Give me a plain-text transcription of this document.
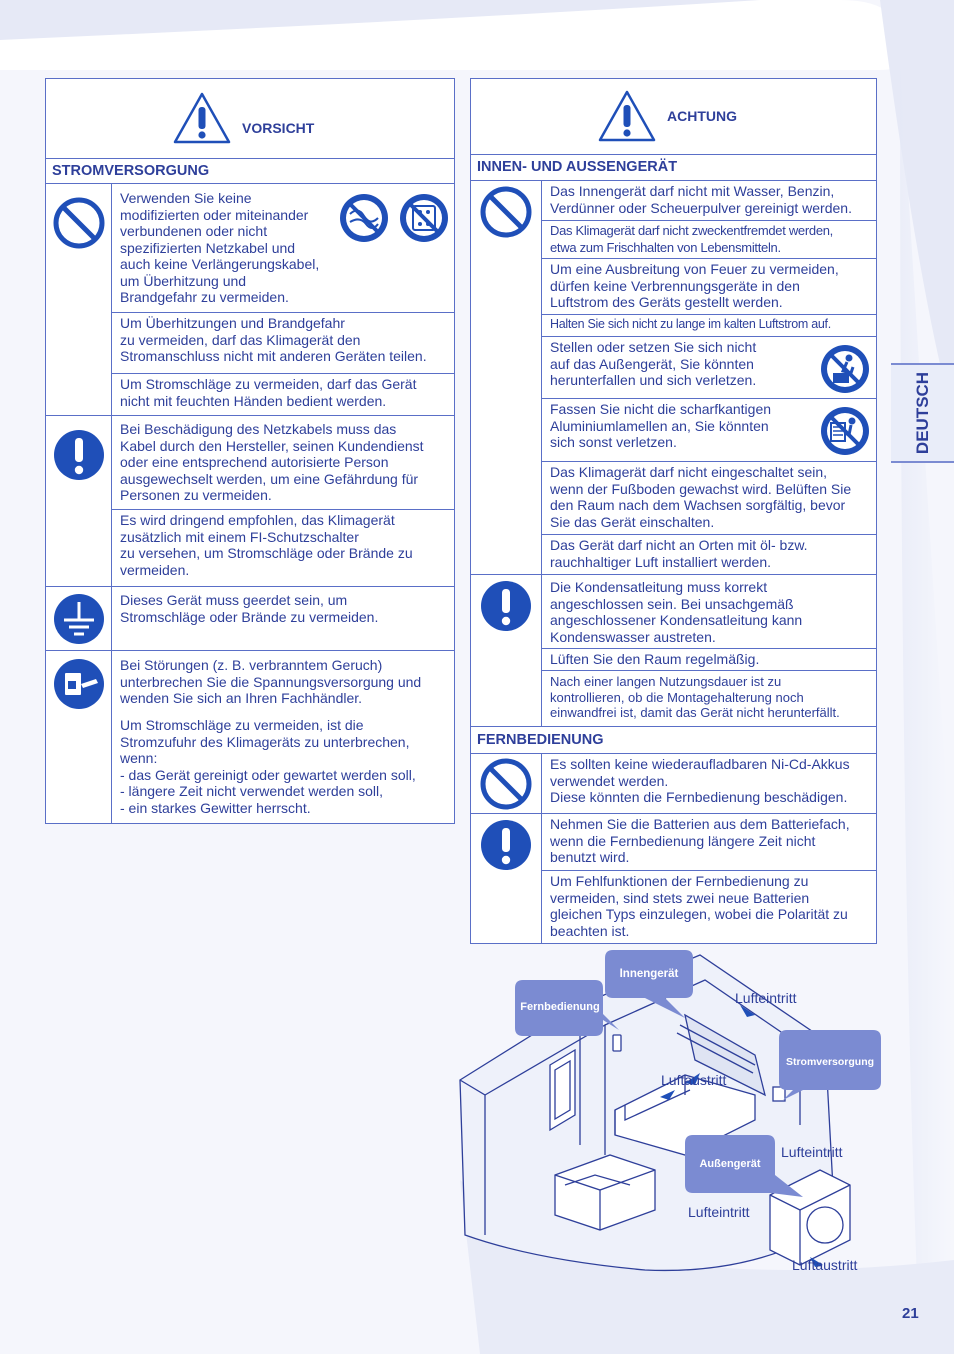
VORSICHT
STROMVERSORGUNG
Verwenden Sie keine
modifizierten oder miteinander
verbundenen oder nicht
spezifizierten Netzkabel und
auch keine Verlängerungskabel,
um Überhitzung und
Brandgefahr zu vermeiden.
Um Überhitzungen und Brandgefahr
zu vermeiden, darf das Klimagerät den
Stromanschluss nicht mit anderen Geräten teilen.
Um Stromschläge zu vermeiden, darf das Gerät
nicht mit feuchten Händen bedient werden.
Bei Beschädigung des Netzkabels muss das
Kabel durch den Hersteller, seinen Kundendienst
oder eine entsprechend autorisierte Person
ausgewechselt werden, um eine Gefährdung für
Personen zu vermeiden.
Es wird dringend empfohlen, das Klimagerät
zusätzlich mit einem FI-Schutzschalter
zu versehen, um Stromschläge oder Brände zu
vermeiden.
Dieses Gerät muss geerdet sein, um
Stromschläge oder Brände zu vermeiden.
Bei Störungen (z. B. verbranntem Geruch)
unterbrechen Sie die Spannungsversorgung und
wenden Sie sich an Ihren Fachhändler.
Um Stromschläge zu vermeiden, ist die
Stromzufuhr des Klimageräts zu unterbrechen,
wenn:
- das Gerät gereinigt oder gewartet werden soll,
- längere Zeit nicht verwendet werden soll,
- ein starkes Gewitter herrscht.
ACHTUNG
INNEN- UND AUSSENGERÄT
Das Innengerät darf nicht mit Wasser, Benzin,
Verdünner oder Scheuerpulver gereinigt werden.
Das Klimagerät darf nicht zweckentfremdet werden,
etwa zum Frischhalten von Lebensmitteln.
Um eine Ausbreitung von Feuer zu vermeiden,
dürfen keine Verbrennungsgeräte in den
Luftstrom des Geräts gestellt werden.
Halten Sie sich nicht zu lange im kalten Luftstrom auf.
Stellen oder setzen Sie sich nicht
auf das Außengerät, Sie könnten
herunterfallen und sich verletzen.
Fassen Sie nicht die scharfkantigen
Aluminiumlamellen an, Sie könnten
sich sonst verletzen.
Das Klimagerät darf nicht eingeschaltet sein,
wenn der Fußboden gewachst wird. Belüften Sie
den Raum nach dem Wachsen sorgfältig, bevor
Sie das Gerät einschalten.
Das Gerät darf nicht an Orten mit öl- bzw.
rauchhaltiger Luft installiert werden.
Die Kondensatleitung muss korrekt
angeschlossen sein. Bei unsachgemäß
angeschlossener Kondensatleitung kann
Kondenswasser austreten.
Lüften Sie den Raum regelmäßig.
Nach einer langen Nutzungsdauer ist zu
kontrollieren, ob die Montagehalterung noch
einwandfrei ist, damit das Gerät nicht herunterfällt.
FERNBEDIENUNG
Es sollten keine wiederaufladbaren Ni-Cd-Akkus
verwendet werden.
Diese könnten die Fernbedienung beschädigen.
Nehmen Sie die Batterien aus dem Batteriefach,
wenn die Fernbedienung längere Zeit nicht
benutzt wird.
Um Fehlfunktionen der Fernbedienung zu
vermeiden, sind stets zwei neue Batterien
gleichen Typs einzulegen, wobei die Polarität zu
beachten ist.
DEUTSCH
Innengerät
Fernbedienung
Stromversorgung
Außengerät
Lufteintritt
Luftaustritt
Lufteintritt
Lufteintritt
Luftaustritt
21
